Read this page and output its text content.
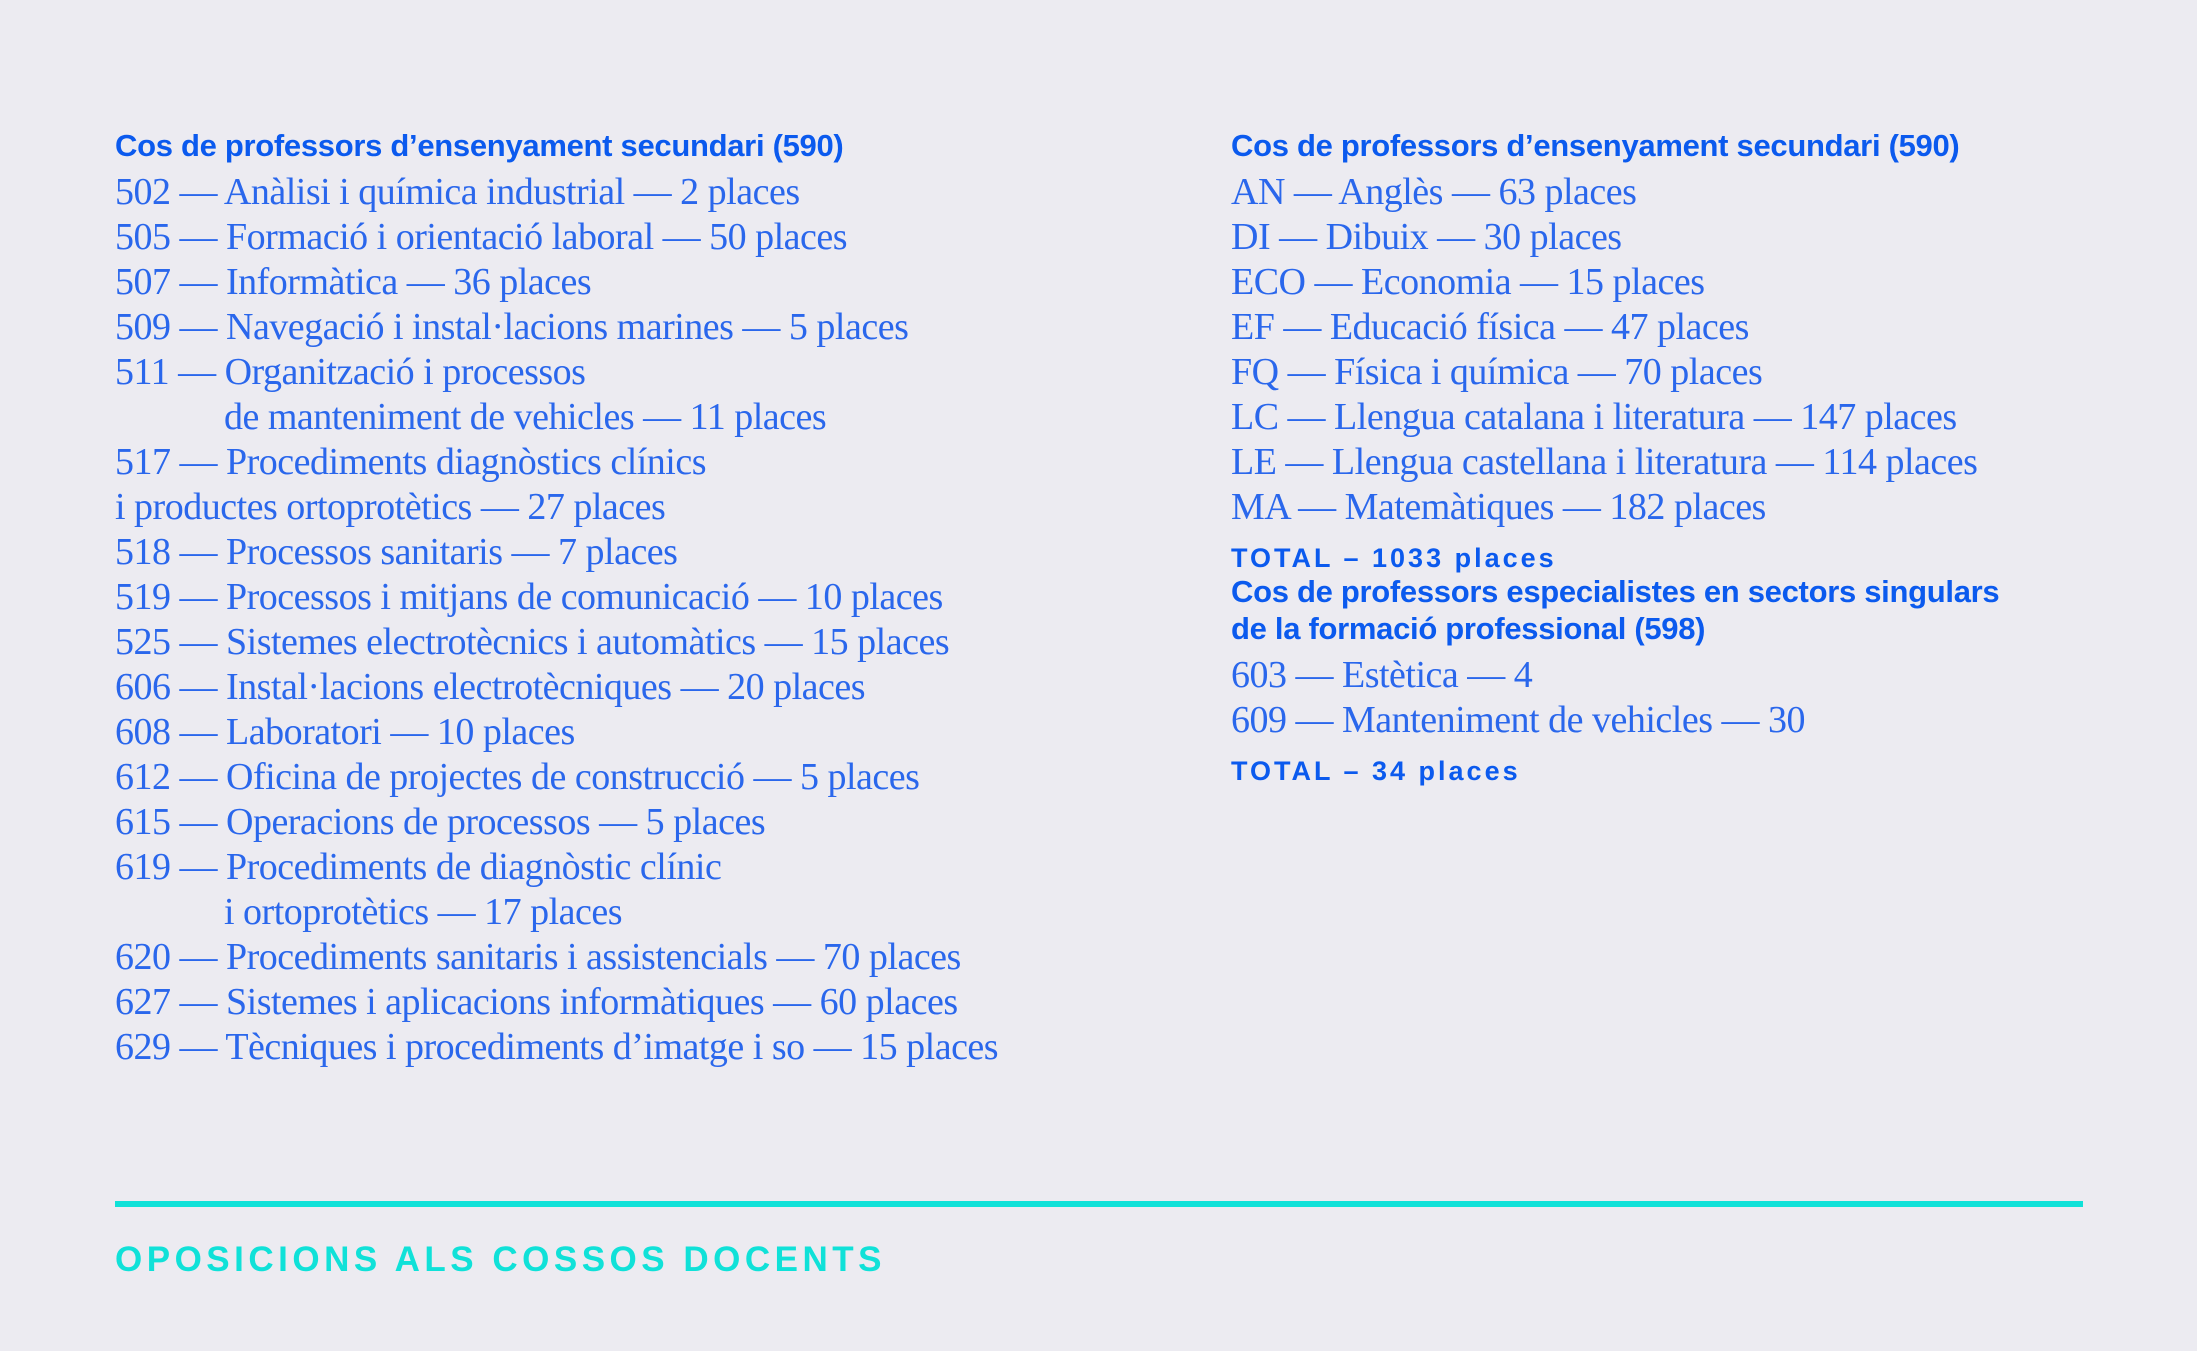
Cos de professors d’ensenyament secundari (590)
502 — Anàlisi i química industrial — 2 places
505 — Formació i orientació laboral — 50 places
507 — Informàtica — 36 places
509 — Navegació i instal·lacions marines — 5 places
511 — Organització i processos
de manteniment de vehicles — 11 places
517 — Procediments diagnòstics clínics
i productes ortoprotètics — 27 places
518 — Processos sanitaris — 7 places
519 — Processos i mitjans de comunicació — 10 places
525 — Sistemes electrotècnics i automàtics — 15 places
606 — Instal·lacions electrotècniques — 20 places
608 — Laboratori — 10 places
612 — Oficina de projectes de construcció — 5 places
615 — Operacions de processos — 5 places
619 — Procediments de diagnòstic clínic
i ortoprotètics — 17 places
620 — Procediments sanitaris i assistencials — 70 places
627 — Sistemes i aplicacions informàtiques — 60 places
629 — Tècniques i procediments d’imatge i so — 15 places
Cos de professors d’ensenyament secundari (590)
AN — Anglès — 63 places
DI — Dibuix — 30 places
ECO — Economia — 15 places
EF — Educació física — 47 places
FQ — Física i química — 70 places
LC — Llengua catalana i literatura — 147 places
LE — Llengua castellana i literatura — 114 places
MA — Matemàtiques — 182 places
TOTAL – 1033 places
Cos de professors especialistes en sectors singulars
de la formació professional (598)
603 — Estètica — 4
609 — Manteniment de vehicles — 30
TOTAL – 34 places
OPOSICIONS ALS COSSOS DOCENTS
